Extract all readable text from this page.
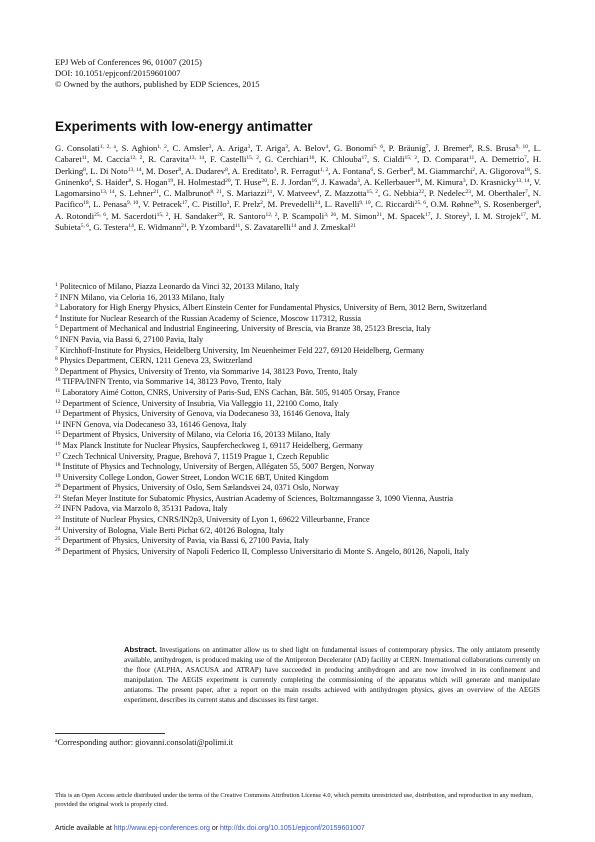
EPJ Web of Conferences 96, 01007 (2015)
DOI: 10.1051/epjconf/20159601007
© Owned by the authors, published by EDP Sciences, 2015
Experiments with low-energy antimatter
G. Consolati$^{1, 2, a}$, S. Aghion$^{1, 2}$, C. Amsler$^3$, A. Ariga$^3$, T. Ariga$^3$, A. Belov$^4$, G. Bonomi$^{5, 6}$, P. Bräunig$^7$, J. Bremer$^8$, R.S. Brusa$^{9, 10}$, L. Cabaret$^{11}$, M. Caccia$^{12, 2}$, R. Caravita$^{13, 14}$, F. Castelli$^{15, 2}$, G. Cerchiari$^{16}$, K. Chlouba$^{17}$, S. Cialdi$^{15, 2}$, D. Comparat$^{11}$, A. Demetrio$^7$, H. Derking$^8$, L. Di Noto$^{13, 14}$, M. Doser$^8$, A. Dudarev$^8$, A. Ereditato$^3$, R. Ferragut$^{1, 2}$, A. Fontana$^6$, S. Gerber$^8$, M. Giammarchi$^2$, A. Gligorova$^{18}$, S. Gninenko$^4$, S. Haider$^8$, S. Hogan$^{19}$, H. Holmestad$^{20}$, T. Huse$^{20}$, E. J. Jordan$^{16}$, J. Kawada$^3$, A. Kellerbauer$^{16}$, M. Kimura$^3$, D. Krasnicky$^{13, 14}$, V. Lagomarsino$^{13, 14}$, S. Lehner$^{21}$, C. Malbrunot$^{8, 21}$, S. Mariazzi$^{21}$, V. Matveev$^4$, Z. Mazzotta$^{15, 2}$, G. Nebbia$^{22}$, P. Nedelec$^{23}$, M. Oberthaler$^7$, N. Pacifico$^{18}$, L. Penasa$^{9, 10}$, V. Petracek$^{17}$, C. Pistillo$^3$, F. Prelz$^2$, M. Prevedelli$^{24}$, L. Ravelli$^{9, 10}$, C. Riccardi$^{25, 6}$, O.M. Røhne$^{20}$, S. Rosenberger$^8$, A. Rotondi$^{25, 6}$, M. Sacerdoti$^{15, 2}$, H. Sandaker$^{20}$, R. Santoro$^{12, 2}$, P. Scampoli$^{3, 26}$, M. Simon$^{21}$, M. Spacek$^{17}$, J. Storey$^3$, I. M. Strojek$^{17}$, M. Subieta$^{5, 6}$, G. Testera$^{14}$, E. Widmann$^{21}$, P. Yzombard$^{11}$, S. Zavatarelli$^{14}$ and J. Zmeskal$^{21}$
$^1$ Politecnico of Milano, Piazza Leonardo da Vinci 32, 20133 Milano, Italy
$^2$ INFN Milano, via Celoria 16, 20133 Milano, Italy
$^3$ Laboratory for High Energy Physics, Albert Einstein Center for Fundamental Physics, University of Bern, 3012 Bern, Switzerland
$^4$ Institute for Nuclear Research of the Russian Academy of Science, Moscow 117312, Russia
$^5$ Department of Mechanical and Industrial Engineering, University of Brescia, via Branze 38, 25123 Brescia, Italy
$^6$ INFN Pavia, via Bassi 6, 27100 Pavia, Italy
$^7$ Kirchhoff-Institute for Physics, Heidelberg University, Im Neuenheimer Feld 227, 69120 Heidelberg, Germany
$^8$ Physics Department, CERN, 1211 Geneva 23, Switzerland
$^9$ Department of Physics, University of Trento, via Sommarive 14, 38123 Povo, Trento, Italy
$^{10}$ TIFPA/INFN Trento, via Sommarive 14, 38123 Povo, Trento, Italy
$^{11}$ Laboratory Aimé Cotton, CNRS, University of Paris-Sud, ENS Cachan, Bât. 505, 91405 Orsay, France
$^{12}$ Department of Science, University of Insubria, Via Valleggio 11, 22100 Como, Italy
$^{13}$ Department of Physics, University of Genova, via Dodecaneso 33, 16146 Genova, Italy
$^{14}$ INFN Genova, via Dodecaneso 33, 16146 Genova, Italy
$^{15}$ Department of Physics, University of Milano, via Celoria 16, 20133 Milano, Italy
$^{16}$ Max Planck Institute for Nuclear Physics, Saupfercheckweg 1, 69117 Heidelberg, Germany
$^{17}$ Czech Technical University, Prague, Brehová 7, 11519 Prague 1, Czech Republic
$^{18}$ Institute of Physics and Technology, University of Bergen, Allégaten 55, 5007 Bergen, Norway
$^{19}$ University College London, Gower Street, London WC1E 6BT, United Kingdom
$^{20}$ Department of Physics, University of Oslo, Sem Sælandsvei 24, 0371 Oslo, Norway
$^{21}$ Stefan Meyer Institute for Subatomic Physics, Austrian Academy of Sciences, Boltzmanngasse 3, 1090 Vienna, Austria
$^{22}$ INFN Padova, via Marzolo 8, 35131 Padova, Italy
$^{23}$ Institute of Nuclear Physics, CNRS/IN2p3, University of Lyon 1, 69622 Villeurbanne, France
$^{24}$ University of Bologna, Viale Berti Pichat 6/2, 40126 Bologna, Italy
$^{25}$ Department of Physics, University of Pavia, via Bassi 6, 27100 Pavia, Italy
$^{26}$ Department of Physics, University of Napoli Federico II, Complesso Universitario di Monte S. Angelo, 80126, Napoli, Italy
Abstract. Investigations on antimatter allow us to shed light on fundamental issues of contemporary physics. The only antiatom presently available, antihydrogen, is produced making use of the Antiproton Decelerator (AD) facility at CERN. International collaborations currently on the floor (ALPHA, ASACUSA and ATRAP) have succeeded in producing antihydrogen and are now involved in its confinement and manipulation. The AEGIS experiment is currently completing the commissioning of the apparatus which will generate and manipulate antiatoms. The present paper, after a report on the main results achieved with antihydrogen physics, gives an overview of the AEGIS experiment, describes its current status and discusses its first target.
$^a$Corresponding author: giovanni.consolati@polimi.it
This is an Open Access article distributed under the terms of the Creative Commons Attribution License 4.0, which permits unrestricted use, distribution, and reproduction in any medium, provided the original work is properly cited.
Article available at http://www.epj-conferences.org or http://dx.doi.org/10.1051/epjconf/20159601007
